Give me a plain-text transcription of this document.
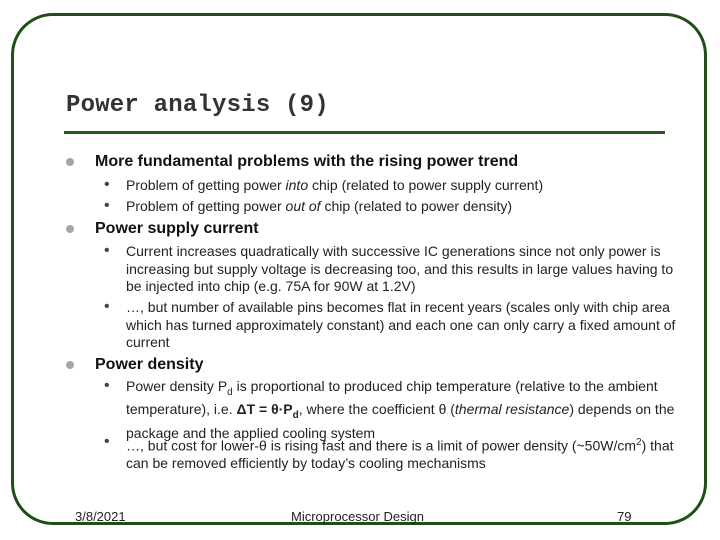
Power analysis (9)
More fundamental problems with the rising power trend
• Problem of getting power into chip (related to power supply current)
• Problem of getting power out of chip (related to power density)
Power supply current
• Current increases quadratically with successive IC generations since not only power is increasing but supply voltage is decreasing too, and this results in large values having to be injected into chip (e.g. 75A for 90W at 1.2V)
• …, but number of available pins becomes flat in recent years (scales only with chip area which has turned approximately constant) and each one can only carry a fixed amount of current
Power density
• Power density $P_d$ is proportional to produced chip temperature (relative to the ambient temperature), i.e. $\Delta T = \theta\cdot P_d$, where the coefficient θ (thermal resistance) depends on the package and the applied cooling system
• …, but cost for lower-θ is rising fast and there is a limit of power density $(\sim 50W/cm^2)$ that can be removed efficiently by today’s cooling mechanisms
3/8/2021	Microprocessor Design	79
